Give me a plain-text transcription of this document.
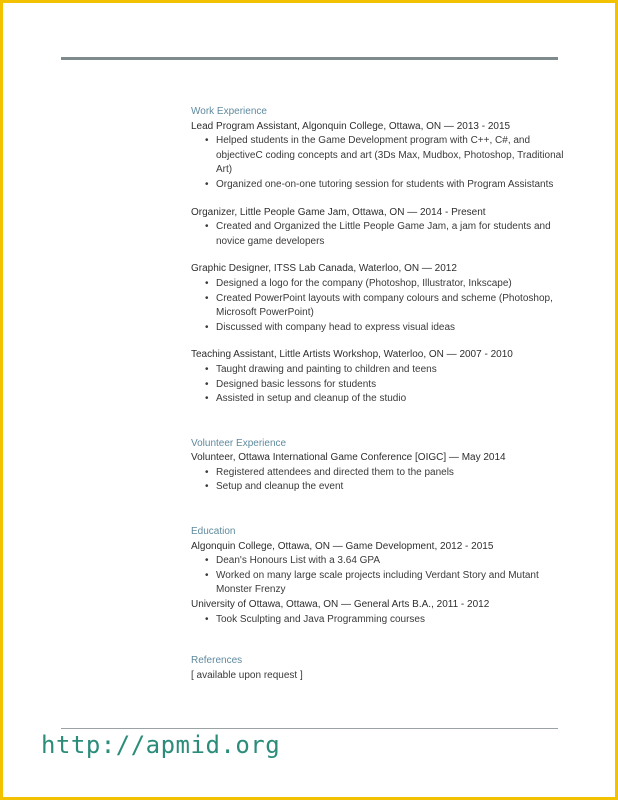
Work Experience
Lead Program Assistant, Algonquin College, Ottawa, ON — 2013 - 2015
• Helped students in the Game Development program with C++, C#, and objectiveC coding concepts and art (3Ds Max, Mudbox, Photoshop, Traditional Art)
• Organized one-on-one tutoring session for students with Program Assistants
Organizer, Little People Game Jam, Ottawa, ON — 2014 - Present
• Created and Organized the Little People Game Jam, a jam for students and novice game developers
Graphic Designer, ITSS Lab Canada, Waterloo, ON — 2012
• Designed a logo for the company (Photoshop, Illustrator, Inkscape)
• Created PowerPoint layouts with company colours and scheme (Photoshop, Microsoft PowerPoint)
• Discussed with company head to express visual ideas
Teaching Assistant, Little Artists Workshop, Waterloo, ON — 2007 - 2010
• Taught drawing and painting to children and teens
• Designed basic lessons for students
• Assisted in setup and cleanup of the studio
Volunteer Experience
Volunteer, Ottawa International Game Conference [OIGC] — May 2014
• Registered attendees and directed them to the panels
• Setup and cleanup the event
Education
Algonquin College, Ottawa, ON — Game Development, 2012 - 2015
• Dean's Honours List with a 3.64 GPA
• Worked on many large scale projects including Verdant Story and Mutant Monster Frenzy
University of Ottawa, Ottawa, ON — General Arts B.A., 2011 - 2012
• Took Sculpting and Java Programming courses
References
[ available upon request ]
http://apmid.org
